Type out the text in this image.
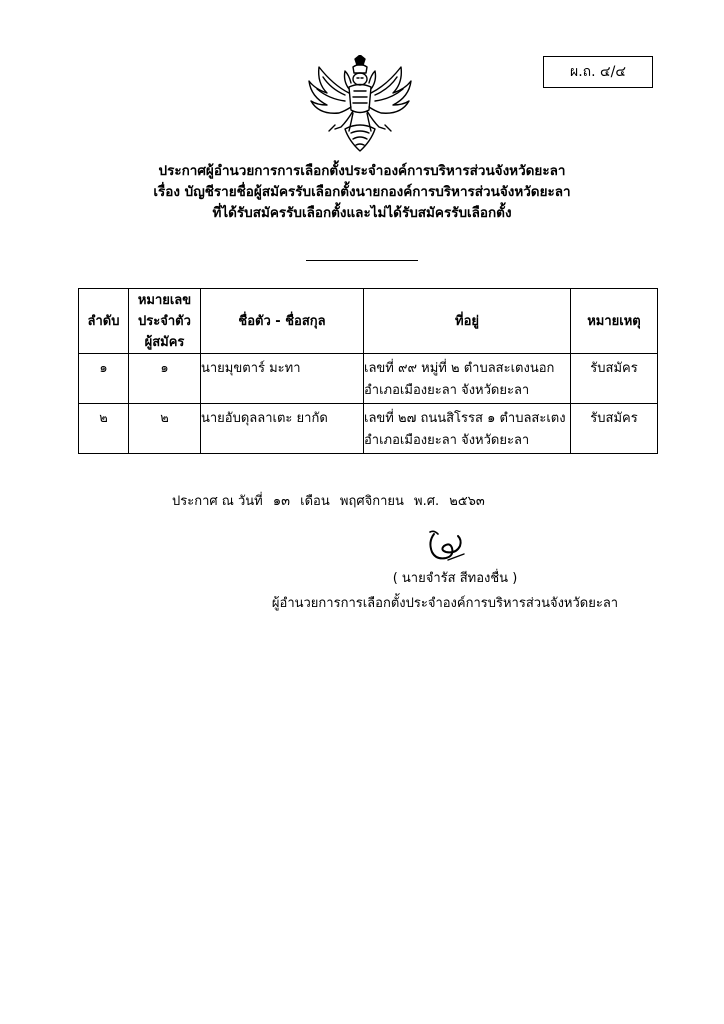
ผ.ถ. ๔/๔
ประกาศผู้อำนวยการการเลือกตั้งประจำองค์การบริหารส่วนจังหวัดยะลา
เรื่อง บัญชีรายชื่อผู้สมัครรับเลือกตั้งนายกองค์การบริหารส่วนจังหวัดยะลา
ที่ได้รับสมัครรับเลือกตั้งและไม่ได้รับสมัครรับเลือกตั้ง
ลำดับ	หมายเลข
ประจำตัว
ผู้สมัคร	ชื่อตัว - ชื่อสกุล	ที่อยู่	หมายเหตุ
๑	๑	นายมุขตาร์ มะทา	เลขที่ ๙๙ หมู่ที่ ๒ ตำบลสะเตงนอก
อำเภอเมืองยะลา จังหวัดยะลา	รับสมัคร
๒	๒	นายอับดุลลาเตะ ยากัด	เลขที่ ๒๗ ถนนสิโรรส ๑ ตำบลสะเตง
อำเภอเมืองยะลา จังหวัดยะลา	รับสมัคร
ประกาศ ณ วันที่ ๑๓ เดือน พฤศจิกายน พ.ศ. ๒๕๖๓
( นายจำรัส สีทองชื่น )
ผู้อำนวยการการเลือกตั้งประจำองค์การบริหารส่วนจังหวัดยะลา
